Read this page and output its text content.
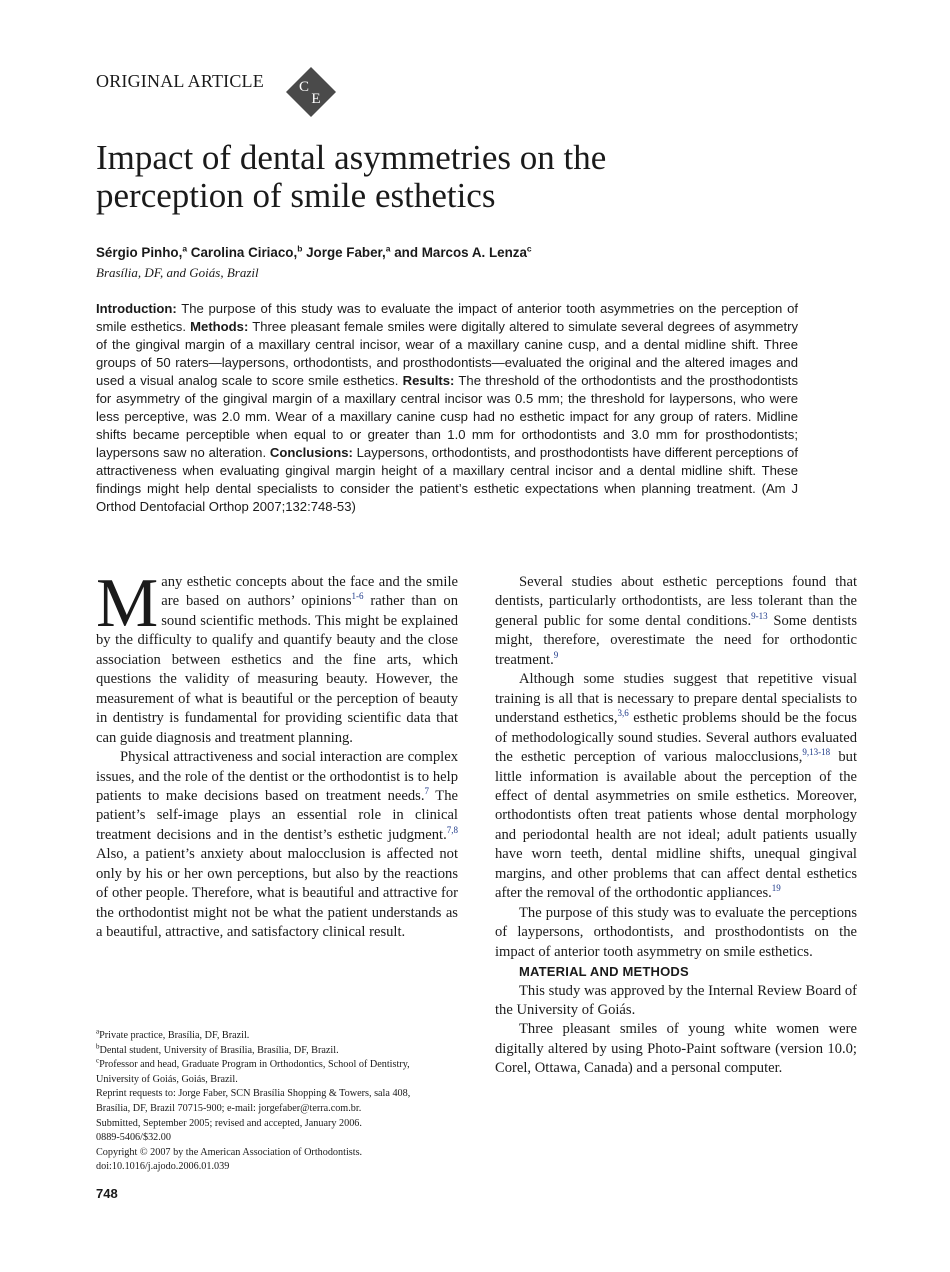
ORIGINAL ARTICLE C
E
Impact of dental asymmetries on the
perception of smile esthetics
Sérgio Pinho,$^a$ Carolina Ciriaco,$^b$ Jorge Faber,$^a$ and Marcos A. Lenza$^c$
Brasília, DF, and Goiás, Brazil

Introduction: The purpose of this study was to evaluate the impact of anterior tooth asymmetries on the perception of smile esthetics. Methods: Three pleasant female smiles were digitally altered to simulate several degrees of asymmetry of the gingival margin of a maxillary central incisor, wear of a maxillary canine cusp, and a dental midline shift. Three groups of 50 raters—laypersons, orthodontists, and prosthodontists—evaluated the original and the altered images and used a visual analog scale to score smile esthetics. Results: The threshold of the orthodontists and the prosthodontists for asymmetry of the gingival margin of a maxillary central incisor was 0.5 mm; the threshold for laypersons, who were less perceptive, was 2.0 mm. Wear of a maxillary canine cusp had no esthetic impact for any group of raters. Midline shifts became perceptible when equal to or greater than 1.0 mm for orthodontists and 3.0 mm for prosthodontists; laypersons saw no alteration. Conclusions: Laypersons, orthodontists, and prosthodontists have different perceptions of attractiveness when evaluating gingival margin height of a maxillary central incisor and a dental midline shift. These findings might help dental specialists to consider the patient’s esthetic expectations when planning treatment. (Am J Orthod Dentofacial Orthop 2007;132:748-53)

Many esthetic concepts about the face and the smile are based on authors’ opinions$^{1-6}$ rather than on sound scientific methods. This might be explained by the difficulty to qualify and quantify beauty and the close association between esthetics and the fine arts, which questions the validity of measuring beauty. However, the measurement of what is beautiful or the perception of beauty in dentistry is fundamental for providing scientific data that can guide diagnosis and treatment planning.

Physical attractiveness and social interaction are complex issues, and the role of the dentist or the orthodontist is to help patients to make decisions based on treatment needs.$^7$ The patient’s self-image plays an essential role in clinical treatment decisions and in the dentist’s esthetic judgment.$^{7,8}$ Also, a patient’s anxiety about malocclusion is affected not only by his or her own perceptions, but also by the reactions of other people. Therefore, what is beautiful and attractive for the orthodontist might not be what the patient understands as a beautiful, attractive, and satisfactory clinical result.

Several studies about esthetic perceptions found that dentists, particularly orthodontists, are less tolerant than the general public for some dental conditions.$^{9-13}$ Some dentists might, therefore, overestimate the need for orthodontic treatment.$^9$

Although some studies suggest that repetitive visual training is all that is necessary to prepare dental specialists to understand esthetics,$^{3,6}$ esthetic problems should be the focus of methodologically sound studies. Several authors evaluated the esthetic perception of various malocclusions,$^{9,13-18}$ but little information is available about the perception of the effect of dental asymmetries on smile esthetics. Moreover, orthodontists often treat patients whose dental morphology and periodontal health are not ideal; adult patients usually have worn teeth, dental midline shifts, unequal gingival margins, and other problems that can affect dental esthetics after the removal of the orthodontic appliances.$^{19}$

The purpose of this study was to evaluate the perceptions of laypersons, orthodontists, and prosthodontists on the impact of anterior tooth asymmetry on smile esthetics.

MATERIAL AND METHODS

This study was approved by the Internal Review Board of the University of Goiás.

Three pleasant smiles of young white women were digitally altered by using Photo-Paint software (version 10.0; Corel, Ottawa, Canada) and a personal computer.

$^a$Private practice, Brasília, DF, Brazil.
$^b$Dental student, University of Brasília, Brasília, DF, Brazil.
$^c$Professor and head, Graduate Program in Orthodontics, School of Dentistry,
University of Goiás, Goiás, Brazil.
Reprint requests to: Jorge Faber, SCN Brasília Shopping & Towers, sala 408,
Brasília, DF, Brazil 70715-900; e-mail: jorgefaber@terra.com.br.
Submitted, September 2005; revised and accepted, January 2006.
0889-5406/$32.00
Copyright © 2007 by the American Association of Orthodontists.
doi:10.1016/j.ajodo.2006.01.039
748
